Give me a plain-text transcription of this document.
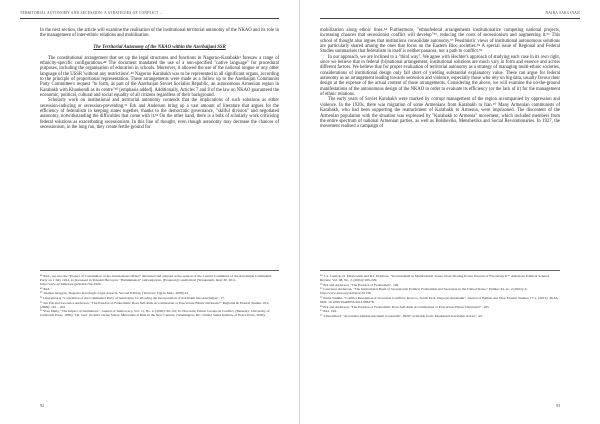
TERRITORIAL AUTONOMY AND SECESSION: A STRATEGIES OF CONFLICT …

In the next section, the article will examine the realisation of the institutional territorial autonomy of the NKAO and its role in the management of inter-ethnic relations and mobilisation.

The Territorial Autonomy of the NKAO within the Azerbaijani SSR

The constitutional arrangement that set up the legal structures and functions in Nagorno-Karabakh³ foresaw a range of ethnicity-specific configurations.⁴⁸ The document mandated the use of a non-specified "native language" for procedural purposes, including the organisation of education in schools. Moreover, it allowed the use of the national tongue or any other language of the USSR 'without any restrictions'.⁴⁹ Nagorno Karabakh was to be represented in all significant organs, according to the principle of proportional representation. These arrangements were made as a follow up to the Azerbaijan Communist Party Committee's request "to form, as part of the Azerbaijan Soviet Socialist Republic, an autonomous Armenian region in Karabakh with Khankendi as its centre"⁵⁰ [emphasis added]. Additionally, Articles 7 and 8 of the law on NKAO guaranteed the economic, political, cultural and social equality of all citizens regardless of their background.

Scholarly work on institutional and territorial autonomy contends that the implications of such solutions as either secession-inducing or secession-preventing.⁵¹ Erk and Anderson bring up a vast amount of literature that argues for the efficiency of federalism in keeping states together, thanks to the democratic governance, "skilful division" and negotiated autonomy, notwithstanding the difficulties that come with it.⁵² On the other hand, there is a bulk of scholarly work criticising federal solutions as exacerbating secessionism. In this line of thought, even though autonomy may decrease the chances of secessionism, in the long run, they create fertile ground for

⁴⁸ Ibid., see also the "Project of Constitution of the Autonomous Oblast" discussed and adopted at the session of the Central Committee of the Azerbaijan Communist Party on 1 July 1924, as discussed in Yeleskii Herroyan: "Hamiamanan" ranivanjatyan, [Eraperan] Condivirion' [Yerakanam, Ikori 30, 2011, http://www.archimessor.ge/index/?id=1920.
⁴⁹ Ibid.
⁵⁰ Shahen Avagyan, Nagorno-Karabagh: Legal Aspects, Second Edition, (Yerevan: Tigran Mets, 2008) 24.
⁵¹ Liberalinard, "Correlation of the Communist Party of Azerbaijan for allowing the incorporation of Karabakh into Azerbaijan", 17.
⁵² Jan Erk and Lawrence Anderson, "The Paradox of Federalism: Does Self-Rule Accommodate or Exacerbate Ethnic Divisions?" Regional & Federal Studies 19:2, (2009): 191 – 202.
⁵³ Yves Mény, "The Impact of Institutions", Journal of Democracy, Vol. 11, No. 4, (2000): 96-110; D. Horowitz, Ethnic Groups in Conflict, (Berkeley: University of California Press, 1985); T.R. Gurr, Peoples versus States: Minorities at Risk in the New Century, (Washington, DC: United States Institute of Peace Press, 2000).
92
NAIRA SARGSYAN

mobilization along ethnic lines.⁵⁴ Furthermore, "ethnofederal arrangements institutionalize competing national projects, increasing chances that secessionist conflict will develop"⁵⁵, reducing the costs of secessionism and augmenting it.⁵⁶ This school of thought also argues that institutions consolidate autonomy.⁵⁷ Pessimistic views of institutional autonomous solutions are particularly shared among the ones that focus on the Eastern Bloc societies.⁵⁸ A special issue of Regional and Federal Studies summarises that federalism in itself is neither panacea, nor a path to conflict.⁵⁹

In our approach, we are inclined to a "third way". We agree with Hechter's approach of studying each case in its own right, since we believe that in federal (bi)national arrangement, institutional solutions are much vary in form and essence and across different factors. We believe that for proper evaluation of territorial autonomy as a strategy of managing multi-ethnic societies, considerations of institutional design only fall short of yielding substantial explanatory value. These can argue for federal autonomy as an arrangement leading towards secession and violence, especially those who rely on big data, usually favour their design at the expense of the actual content of those arrangements. Considering the above, we will examine the on-the-ground manifestations of the autonomous design of the NKAO in order to evaluate its efficiency (or the lack of it) for the management of ethnic relations.

The early years of Soviet Karabakh were marked by corrupt management of the region accompanied by oppression and violence. In the 1920s, there was migration of some Armenians from Karabakh to Iran.⁶⁰ Many Armenian communists of Karabakh, who had been supporting the reattachment of Karabakh to Armenia, were imprisoned. The discontent of the Armenian population with the situation was expressed by "Karabakh to Armenia" movement, which included members from the entire spectrum of national Armenian parties, as well as Bolsheviks, Mensheviks and Social Revolutionaries. In 1927, the movement realised a campaign of

⁵⁴ J. S. Lustick, D. Miodownik and R.J. Eidelson, "Secessionism in Multicultural States: Does Sharing Power Prevent or Encourage It?" American Political Science Review. Vol. 98, No. 2, (2004): 209-229.
⁵⁵ Erk and Anderson, "The Paradox of Federalism", 199.
⁵⁶ Lawrence Anderson, "The Institutional Basis of Secessionist Politics: Federalism and Secession in the United States," Publius 34, no. 2 (2004): 6, http://www.jstor.org/stable/4132138.
⁵⁷ Elena Walkin, "Conflict Resolution of Secession Conflicts: Kosovo, South Tirol, Nagorno-Karabakh", Journal of Balkan and Near Eastern Studies, 17:1, (2015): 46-63, DOI: 10.1080/19448953.2014.986378.
⁵⁸ Erk and Anderson, "The Paradox of Federalism: Does Self-Rule Accommodate or Exacerbate Ethnic Divisions?", 195.
⁵⁹ Ibid, 199.
⁶⁰ Liberalinard, "Aroyutaba ashkharanacutuni ta estutum", 3820/; available from: Moskauren Karabakh in Iran", 43.
93
